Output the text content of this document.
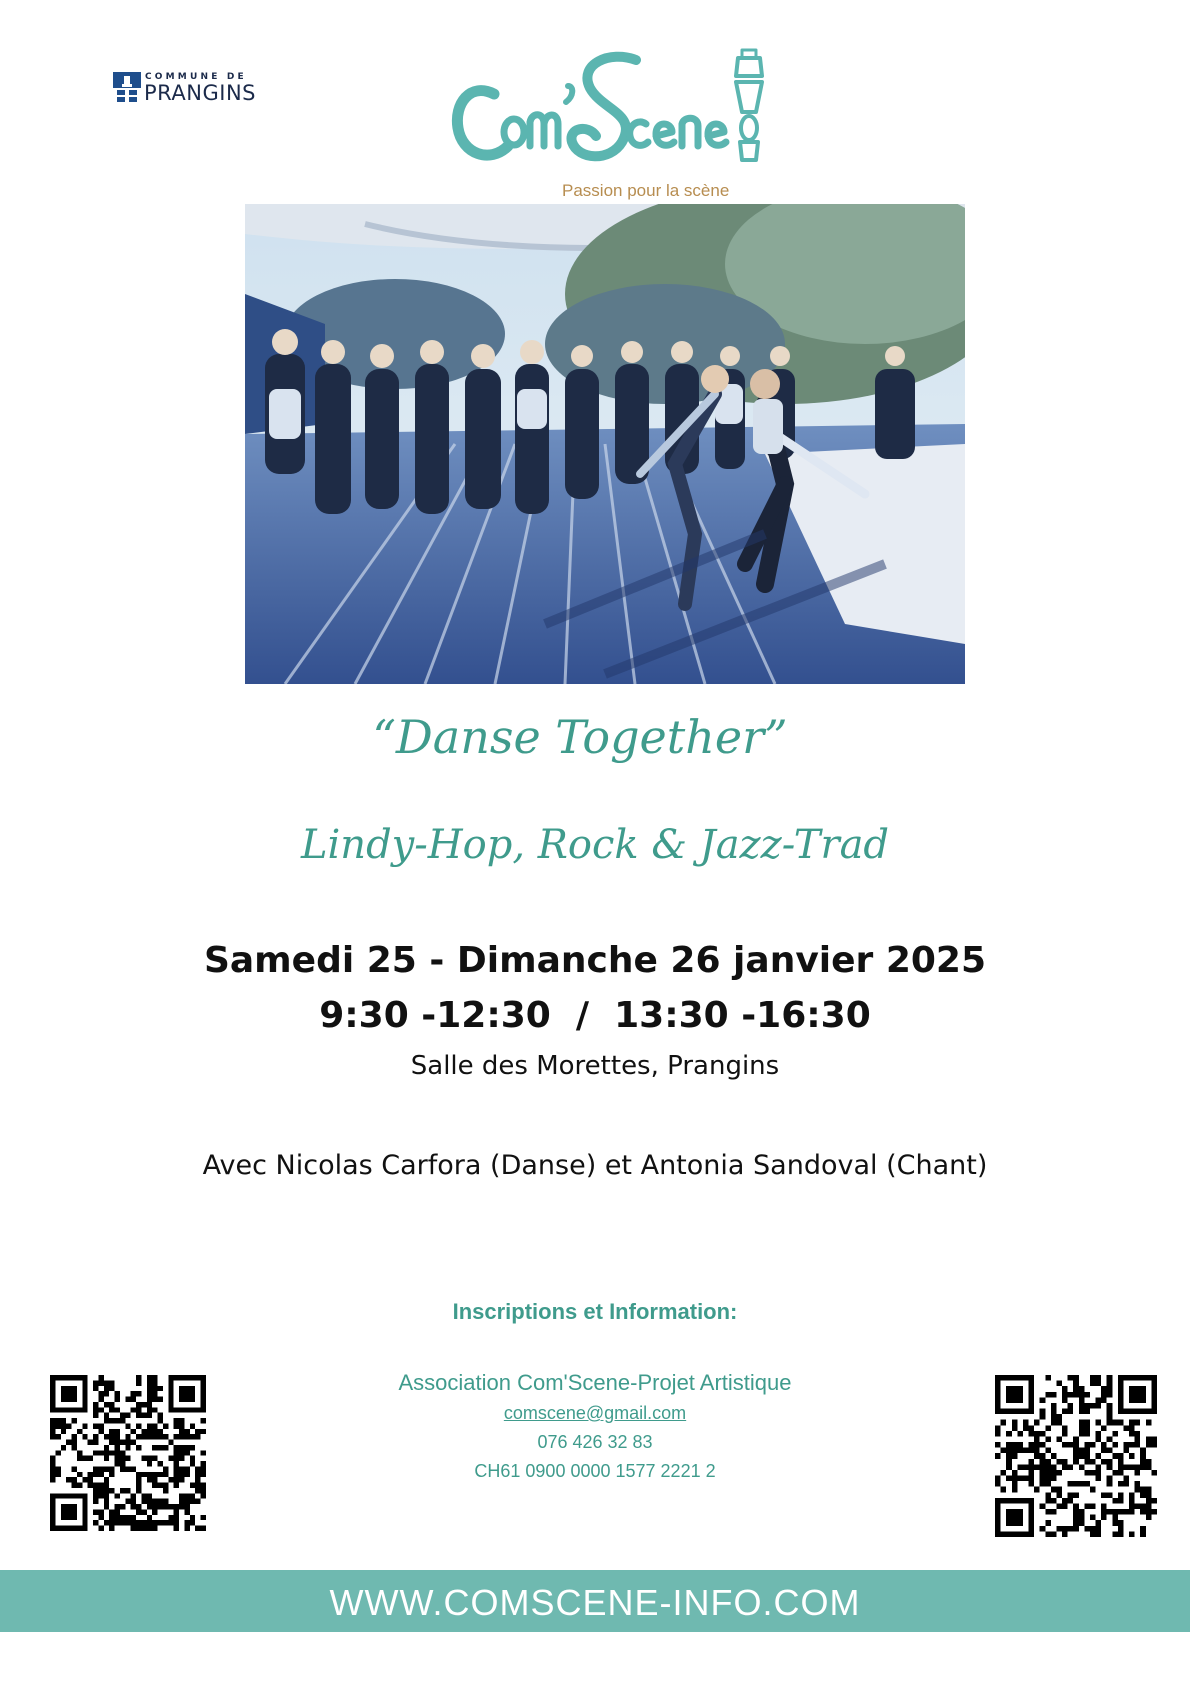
COMMUNE DE
PRANGINS
Passion pour la scène
“Danse Together”
Lindy-Hop, Rock & Jazz-Trad
Samedi 25 - Dimanche 26 janvier 2025
9:30 -12:30  /  13:30 -16:30
Salle des Morettes, Prangins
Avec Nicolas Carfora (Danse) et Antonia Sandoval (Chant)
Inscriptions et Information:
Association Com'Scene-Projet Artistique
comscene@gmail.com
076 426 32 83
CH61 0900 0000 1577 2221 2
WWW.COMSCENE-INFO.COM
